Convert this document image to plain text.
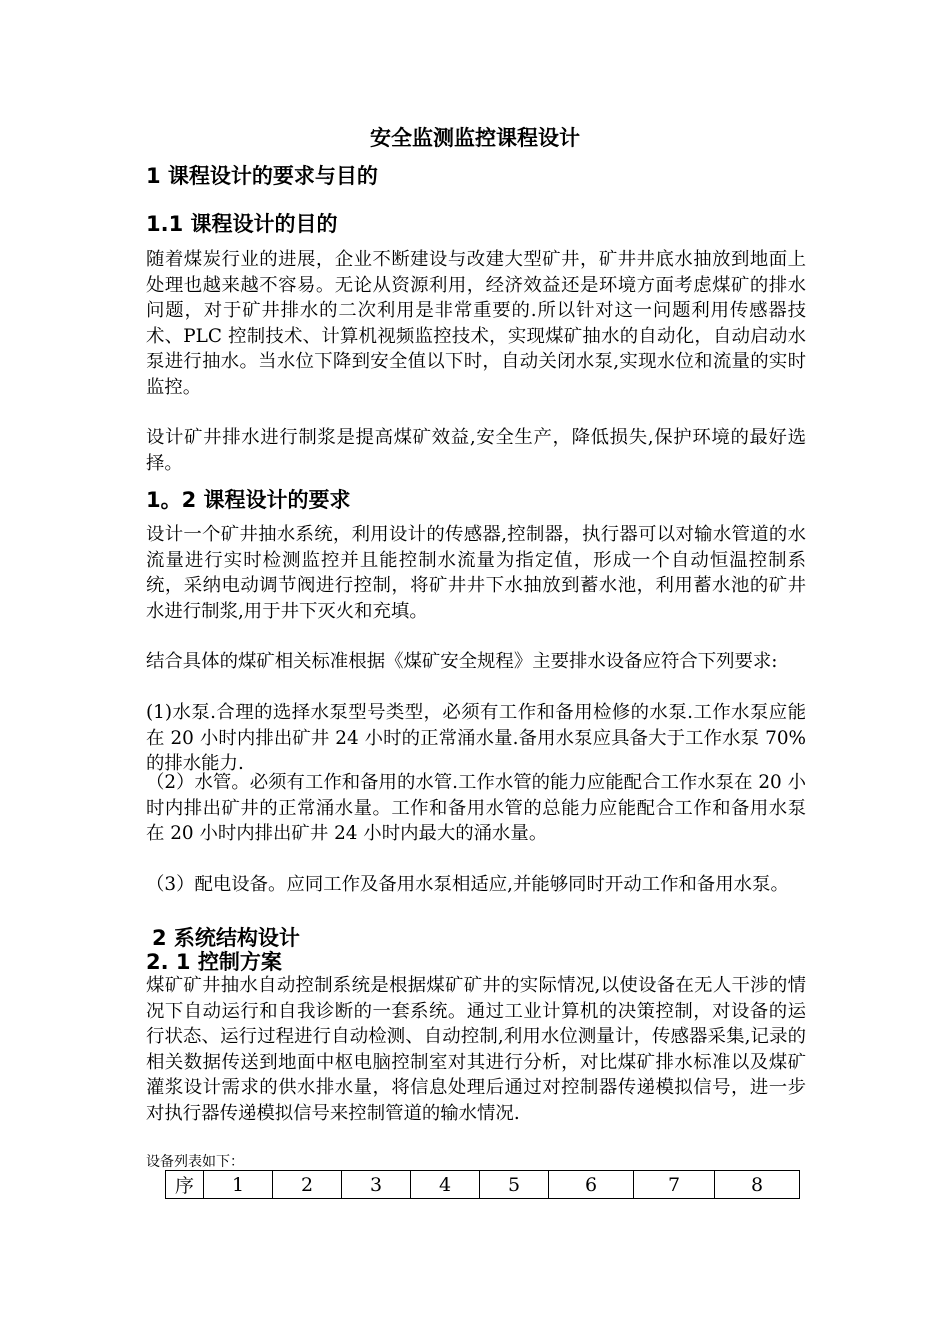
安全监测监控课程设计
1 课程设计的要求与目的
1.1 课程设计的目的
随着煤炭行业的进展，企业不断建设与改建大型矿井，矿井井底水抽放到地面上处理也越来越不容易。无论从资源利用，经济效益还是环境方面考虑煤矿的排水问题，对于矿井排水的二次利用是非常重要的.所以针对这一问题利用传感器技术、PLC 控制技术、计算机视频监控技术，实现煤矿抽水的自动化，自动启动水泵进行抽水。当水位下降到安全值以下时，自动关闭水泵,实现水位和流量的实时监控。
设计矿井排水进行制浆是提高煤矿效益,安全生产，降低损失,保护环境的最好选择。
1。2 课程设计的要求
设计一个矿井抽水系统，利用设计的传感器,控制器，执行器可以对输水管道的水流量进行实时检测监控并且能控制水流量为指定值，形成一个自动恒温控制系统，采纳电动调节阀进行控制，将矿井井下水抽放到蓄水池，利用蓄水池的矿井水进行制浆,用于井下灭火和充填。
结合具体的煤矿相关标准根据《煤矿安全规程》主要排水设备应符合下列要求:
(1)水泵.合理的选择水泵型号类型，必须有工作和备用检修的水泵.工作水泵应能在 20 小时内排出矿井 24 小时的正常涌水量.备用水泵应具备大于工作水泵 70%的排水能力.
（2）水管。必须有工作和备用的水管.工作水管的能力应能配合工作水泵在 20 小时内排出矿井的正常涌水量。工作和备用水管的总能力应能配合工作和备用水泵在 20 小时内排出矿井 24 小时内最大的涌水量。
（3）配电设备。应同工作及备用水泵相适应,并能够同时开动工作和备用水泵。
2 系统结构设计
2. 1 控制方案
煤矿矿井抽水自动控制系统是根据煤矿矿井的实际情况,以使设备在无人干涉的情况下自动运行和自我诊断的一套系统。通过工业计算机的决策控制，对设备的运行状态、运行过程进行自动检测、自动控制,利用水位测量计，传感器采集,记录的相关数据传送到地面中枢电脑控制室对其进行分析，对比煤矿排水标准以及煤矿灌浆设计需求的供水排水量，将信息处理后通过对控制器传递模拟信号，进一步对执行器传递模拟信号来控制管道的输水情况.
设备列表如下：
序	1	2	3	4	5	6	7	8
